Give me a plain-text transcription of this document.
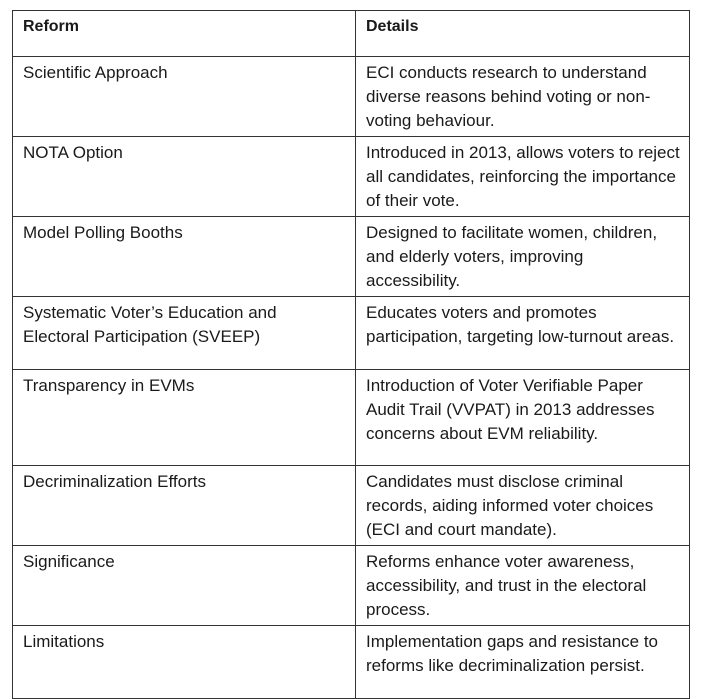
Reform	Details
Scientific Approach	ECI conducts research to understand diverse reasons behind voting or non-voting behaviour.
NOTA Option	Introduced in 2013, allows voters to reject all candidates, reinforcing the importance of their vote.
Model Polling Booths	Designed to facilitate women, children, and elderly voters, improving accessibility.
Systematic Voter’s Education and Electoral Participation (SVEEP)	Educates voters and promotes participation, targeting low-turnout areas.
Transparency in EVMs	Introduction of Voter Verifiable Paper Audit Trail (VVPAT) in 2013 addresses concerns about EVM reliability.
Decriminalization Efforts	Candidates must disclose criminal records, aiding informed voter choices (ECI and court mandate).
Significance	Reforms enhance voter awareness, accessibility, and trust in the electoral process.
Limitations	Implementation gaps and resistance to reforms like decriminalization persist.
